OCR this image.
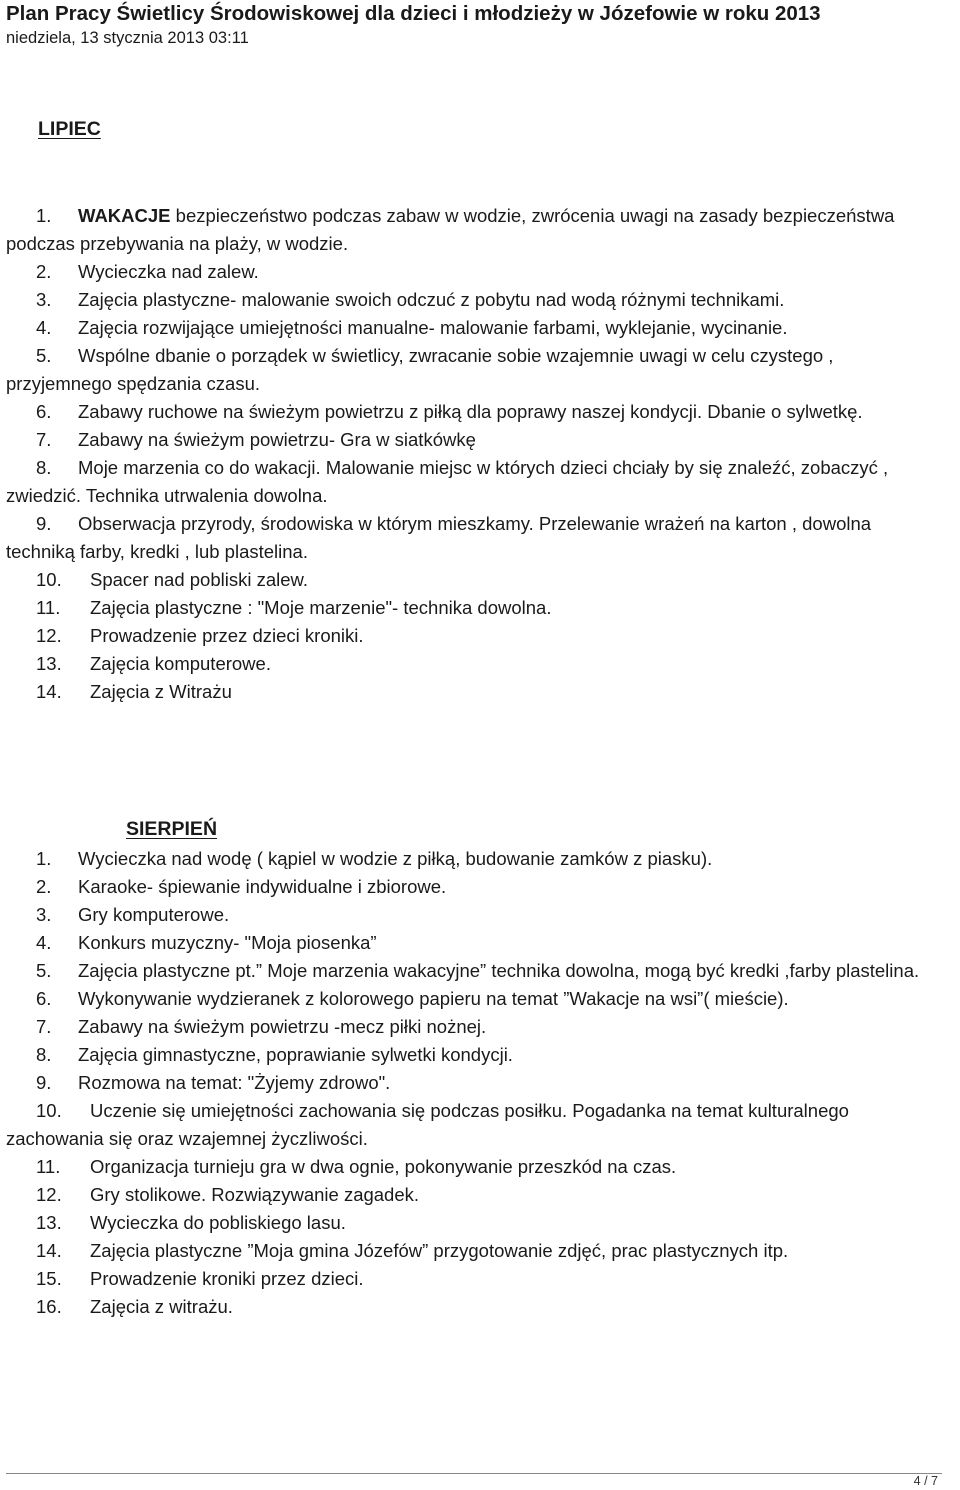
Plan Pracy Świetlicy Środowiskowej dla dzieci i młodzieży w Józefowie w roku 2013
niedziela, 13 stycznia 2013 03:11
LIPIEC

1. WAKACJE bezpieczeństwo podczas zabaw w wodzie, zwrócenia uwagi na zasady bezpieczeństwa podczas przebywania na plaży, w wodzie.

2. Wycieczka nad zalew.

3. Zajęcia plastyczne- malowanie swoich odczuć z pobytu nad wodą różnymi technikami.

4. Zajęcia rozwijające umiejętności manualne- malowanie farbami, wyklejanie, wycinanie.

5. Wspólne dbanie o porządek w świetlicy, zwracanie sobie wzajemnie uwagi w celu czystego , przyjemnego spędzania czasu.

6. Zabawy ruchowe na świeżym powietrzu z piłką dla poprawy naszej kondycji. Dbanie o sylwetkę.

7. Zabawy na świeżym powietrzu- Gra w siatkówkę

8. Moje marzenia co do wakacji. Malowanie miejsc w których dzieci chciały by się znaleźć, zobaczyć , zwiedzić. Technika utrwalenia dowolna.

9. Obserwacja przyrody, środowiska w którym mieszkamy. Przelewanie wrażeń na karton , dowolna techniką farby, kredki , lub plastelina.

10. Spacer nad pobliski zalew.

11. Zajęcia plastyczne : "Moje marzenie"- technika dowolna.

12. Prowadzenie przez dzieci kroniki.

13. Zajęcia komputerowe.

14. Zajęcia z Witrażu

SIERPIEŃ

1. Wycieczka nad wodę ( kąpiel w wodzie z piłką, budowanie zamków z piasku).

2. Karaoke- śpiewanie indywidualne i zbiorowe.

3. Gry komputerowe.

4. Konkurs muzyczny- "Moja piosenka”

5. Zajęcia plastyczne pt.” Moje marzenia wakacyjne” technika dowolna, mogą być kredki ,farby plastelina.

6. Wykonywanie wydzieranek z kolorowego papieru na temat ”Wakacje na wsi”( mieście).

7. Zabawy na świeżym powietrzu -mecz piłki nożnej.

8. Zajęcia gimnastyczne, poprawianie sylwetki kondycji.

9. Rozmowa na temat: "Żyjemy zdrowo".

10. Uczenie się umiejętności zachowania się podczas posiłku. Pogadanka na temat kulturalnego zachowania się oraz wzajemnej życzliwości.

11. Organizacja turnieju gra w dwa ognie, pokonywanie przeszkód na czas.

12. Gry stolikowe. Rozwiązywanie zagadek.

13. Wycieczka do pobliskiego lasu.

14. Zajęcia plastyczne ”Moja gmina Józefów” przygotowanie zdjęć, prac plastycznych itp.

15. Prowadzenie kroniki przez dzieci.

16. Zajęcia z witrażu.

4 / 7
